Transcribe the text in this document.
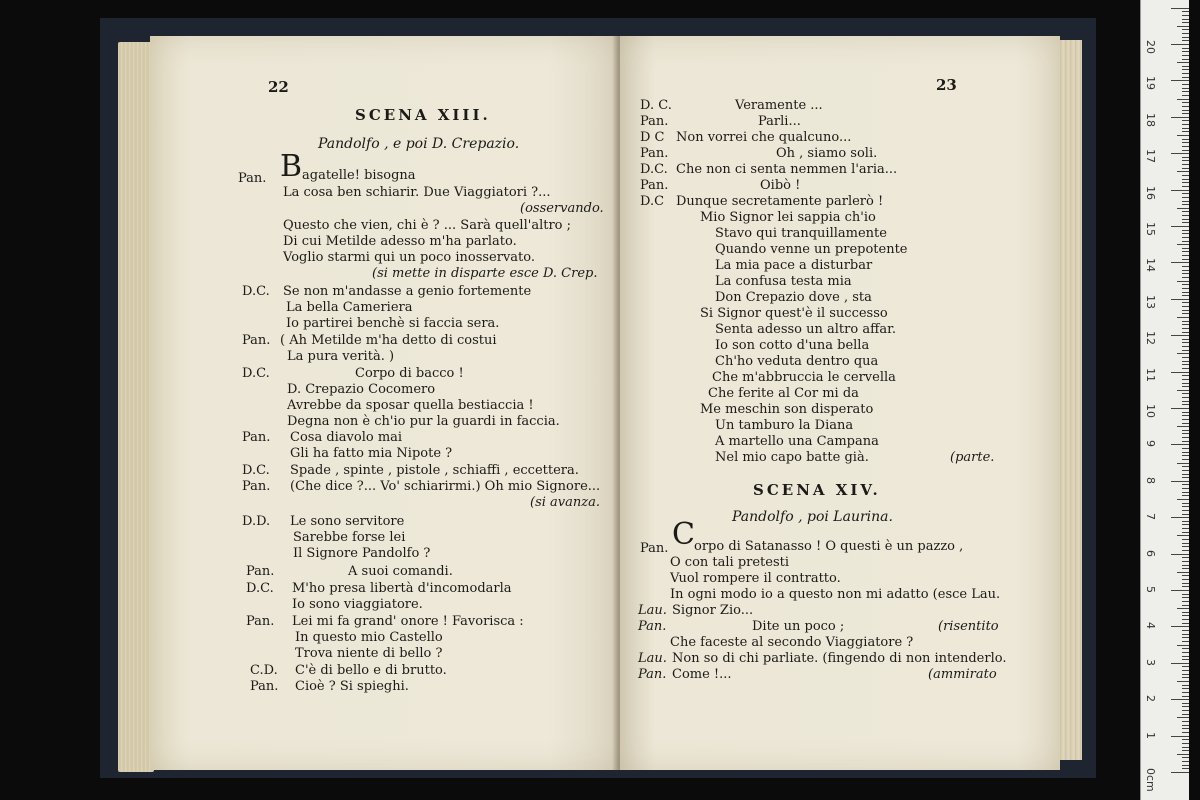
22
SCENA XIII.
Pandolfo , e poi D. Crepazio.
Pan. B agatelle! bisogna
La cosa ben schiarir. Due Viaggiatori ?...
(osservando.
Questo che vien, chi è ? ... Sarà quell'altro ;
Di cui Metilde adesso m'ha parlato.
Voglio starmi qui un poco inosservato.
(si mette in disparte esce D. Crep.
D.C. Se non m'andasse a genio fortemente
La bella Cameriera
Io partirei benchè si faccia sera.
Pan. ( Ah Metilde m'ha detto di costui
La pura verità. )
D.C.	Corpo di bacco !
D. Crepazio Cocomero
Avrebbe da sposar quella bestiaccia !
Degna non è ch'io pur la guardi in faccia.
Pan. Cosa diavolo mai
Gli ha fatto mia Nipote ?
D.C. Spade , spinte , pistole , schiaffi , eccettera.
Pan. (Che dice ?... Vo' schiarirmi.) Oh mio Signore...
(si avanza.
D.D. Le sono servitore
Sarebbe forse lei
Il Signore Pandolfo ?
Pan.	A suoi comandi.
D.C. M'ho presa libertà d'incomodarla
Io sono viaggiatore.
Pan. Lei mi fa grand' onore ! Favorisca :
In questo mio Castello
Trova niente di bello ?
C.D. C'è di bello e di brutto.
Pan. Cioè ? Si spieghi.
23
D. C.	Veramente ...
Pan.	Parli...
D C Non vorrei che qualcuno...
Pan.	Oh , siamo soli.
D.C. Che non ci senta nemmen l'aria...
Pan.	Oibò !
D.C Dunque secretamente parlerò !
Mio Signor lei sappia ch'io
Stavo qui tranquillamente
Quando venne un prepotente
La mia pace a disturbar
La confusa testa mia
Don Crepazio dove , sta
Si Signor quest'è il successo
Senta adesso un altro affar.
Io son cotto d'una bella
Ch'ho veduta dentro qua
Che m'abbruccia le cervella
Che ferite al Cor mi da
Me meschin son disperato
Un tamburo la Diana
A martello una Campana
Nel mio capo batte già.	(parte.
SCENA XIV.
Pandolfo , poi Laurina.
Pan. C orpo di Satanasso ! O questi è un pazzo ,
O con tali pretesti
Vuol rompere il contratto.
In ogni modo io a questo non mi adatto (esce Lau.
Lau. Signor Zio...
Pan.	Dite un poco ;	(risentito
Che faceste al secondo Viaggiatore ?
Lau. Non so di chi parliate. (fingendo di non intenderlo.
Pan. Come !...	(ammirato
0cm
1
2
3
4
5
6
7
8
9
10
11
12
13
14
15
16
17
18
19
20
